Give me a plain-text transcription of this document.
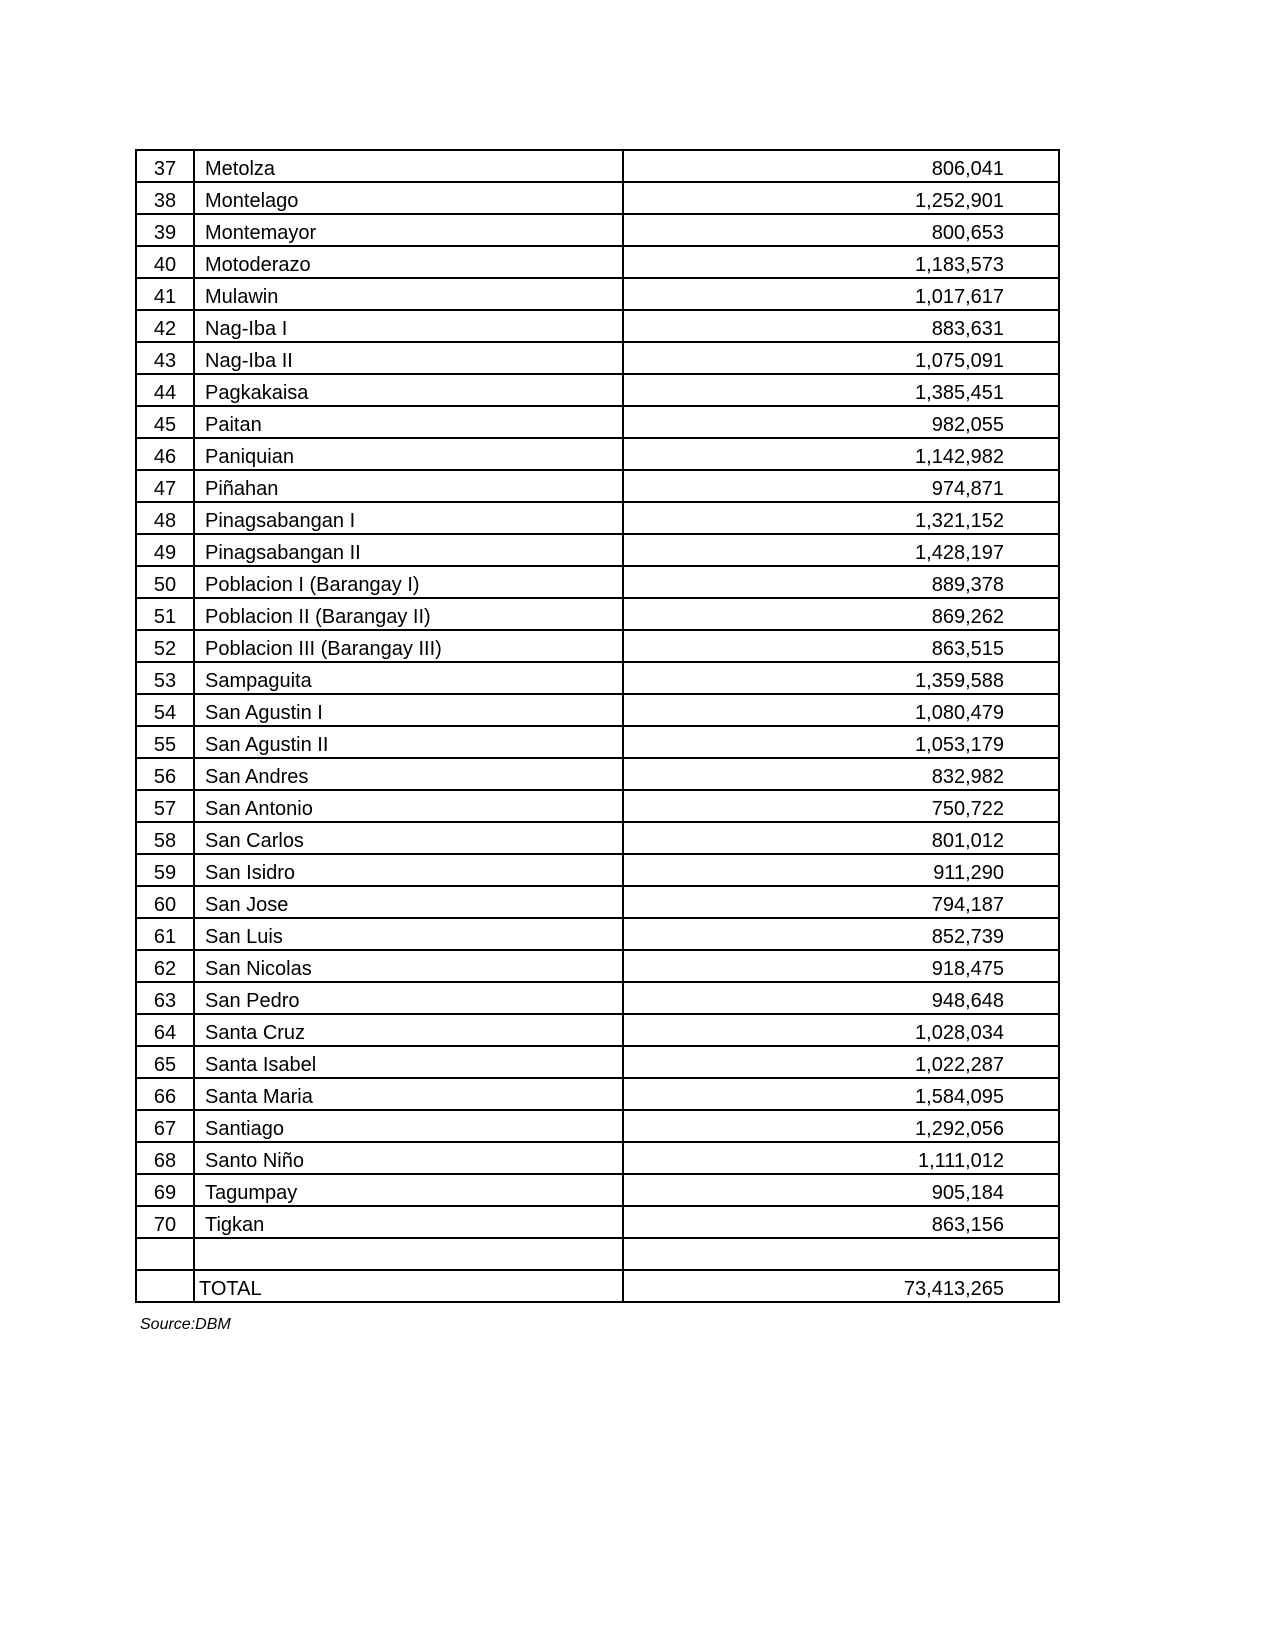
37	Metolza	806,041
38	Montelago	1,252,901
39	Montemayor	800,653
40	Motoderazo	1,183,573
41	Mulawin	1,017,617
42	Nag-Iba I	883,631
43	Nag-Iba II	1,075,091
44	Pagkakaisa	1,385,451
45	Paitan	982,055
46	Paniquian	1,142,982
47	Piñahan	974,871
48	Pinagsabangan I	1,321,152
49	Pinagsabangan II	1,428,197
50	Poblacion I (Barangay I)	889,378
51	Poblacion II (Barangay II)	869,262
52	Poblacion III (Barangay III)	863,515
53	Sampaguita	1,359,588
54	San Agustin I	1,080,479
55	San Agustin II	1,053,179
56	San Andres	832,982
57	San Antonio	750,722
58	San Carlos	801,012
59	San Isidro	911,290
60	San Jose	794,187
61	San Luis	852,739
62	San Nicolas	918,475
63	San Pedro	948,648
64	Santa Cruz	1,028,034
65	Santa Isabel	1,022,287
66	Santa Maria	1,584,095
67	Santiago	1,292,056
68	Santo Niño	1,111,012
69	Tagumpay	905,184
70	Tigkan	863,156

	TOTAL	73,413,265
Source:DBM
